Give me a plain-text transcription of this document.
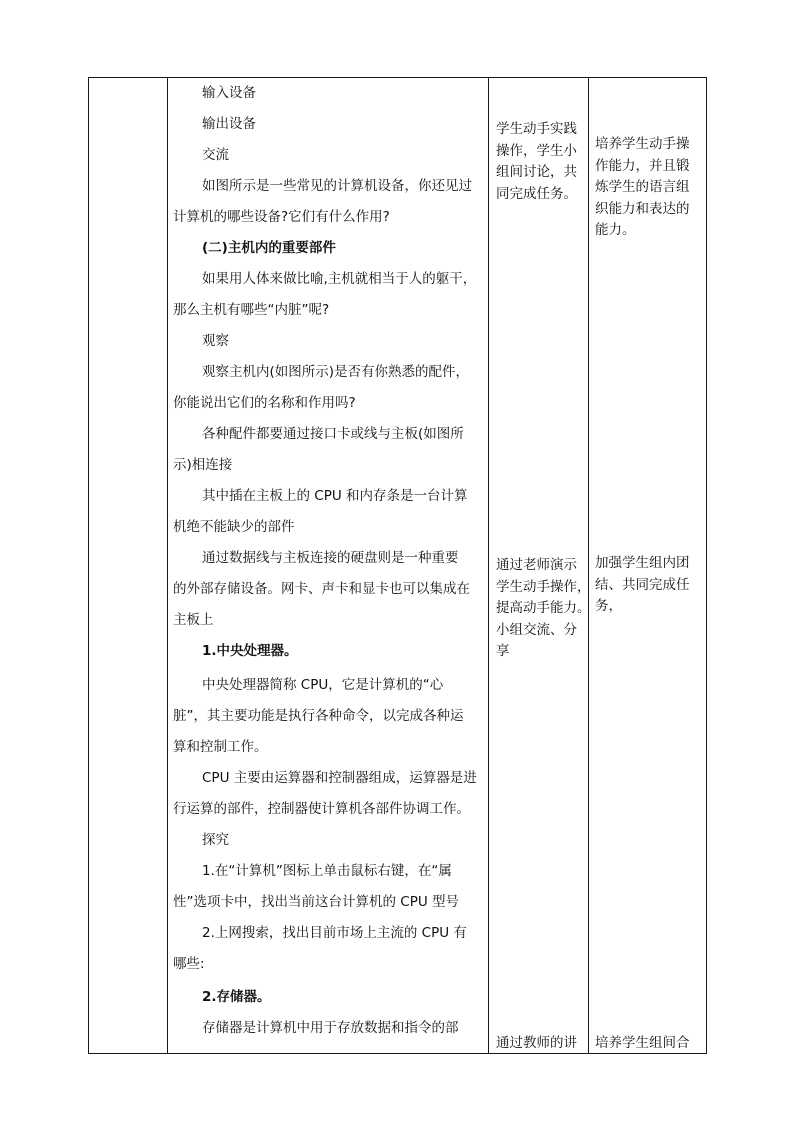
输入设备
输出设备
交流
如图所示是一些常见的计算机设备，你还见过
计算机的哪些设备?它们有什么作用?
(二)主机内的重要部件
如果用人体来做比喻,主机就相当于人的躯干，
那么主机有哪些“内脏”呢?
观察
观察主机内(如图所示)是否有你熟悉的配件，
你能说出它们的名称和作用吗?
各种配件都要通过接口卡或线与主板(如图所
示)相连接
其中插在主板上的 CPU 和内存条是一台计算
机绝不能缺少的部件
通过数据线与主板连接的硬盘则是一种重要
的外部存储设备。网卡、声卡和显卡也可以集成在
主板上
1.中央处理器。
中央处理器简称 CPU，它是计算机的“心
脏”，其主要功能是执行各种命令，以完成各种运
算和控制工作。
CPU 主要由运算器和控制器组成，运算器是进
行运算的部件，控制器使计算机各部件协调工作。
探究
1.在“计算机”图标上单击鼠标右键，在“属
性”选项卡中，找出当前这台计算机的 CPU 型号
2.上网搜索，找出目前市场上主流的 CPU 有
哪些:
2.存储器。
存储器是计算机中用于存放数据和指令的部
学生动手实践
操作，学生小
组间讨论，共
同完成任务。
通过老师演示
学生动手操作，
提高动手能力。
小组交流、分
享
通过教师的讲
培养学生动手操
作能力，并且锻
炼学生的语言组
织能力和表达的
能力。
加强学生组内团
结、共同完成任
务，
培养学生组间合
